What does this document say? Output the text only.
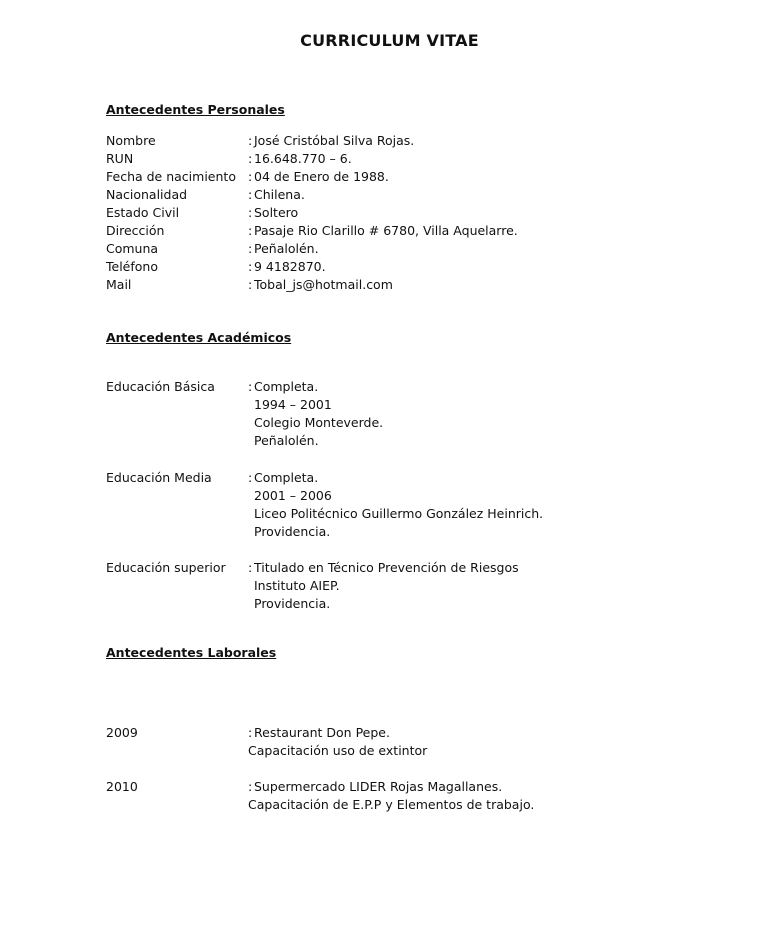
CURRICULUM VITAE
Antecedentes Personales
Nombre	: José Cristóbal Silva Rojas.
RUN	: 16.648.770 – 6.
Fecha de nacimiento : 04 de Enero de 1988.
Nacionalidad	: Chilena.
Estado Civil	: Soltero
Dirección	: Pasaje Rio Clarillo # 6780, Villa Aquelarre.
Comuna	: Peñalolén.
Teléfono	: 9 4182870.
Mail	: Tobal_js@hotmail.com
Antecedentes Académicos
Educación Básica	: Completa.
1994 – 2001
Colegio Monteverde.
Peñalolén.
Educación Media	: Completa.
2001 – 2006
Liceo Politécnico Guillermo González Heinrich.
Providencia.
Educación superior	: Titulado en Técnico Prevención de Riesgos
Instituto AIEP.
Providencia.
Antecedentes Laborales
2009	: Restaurant Don Pepe.
Capacitación uso de extintor
2010	: Supermercado LIDER Rojas Magallanes.
Capacitación de E.P.P y Elementos de trabajo.
